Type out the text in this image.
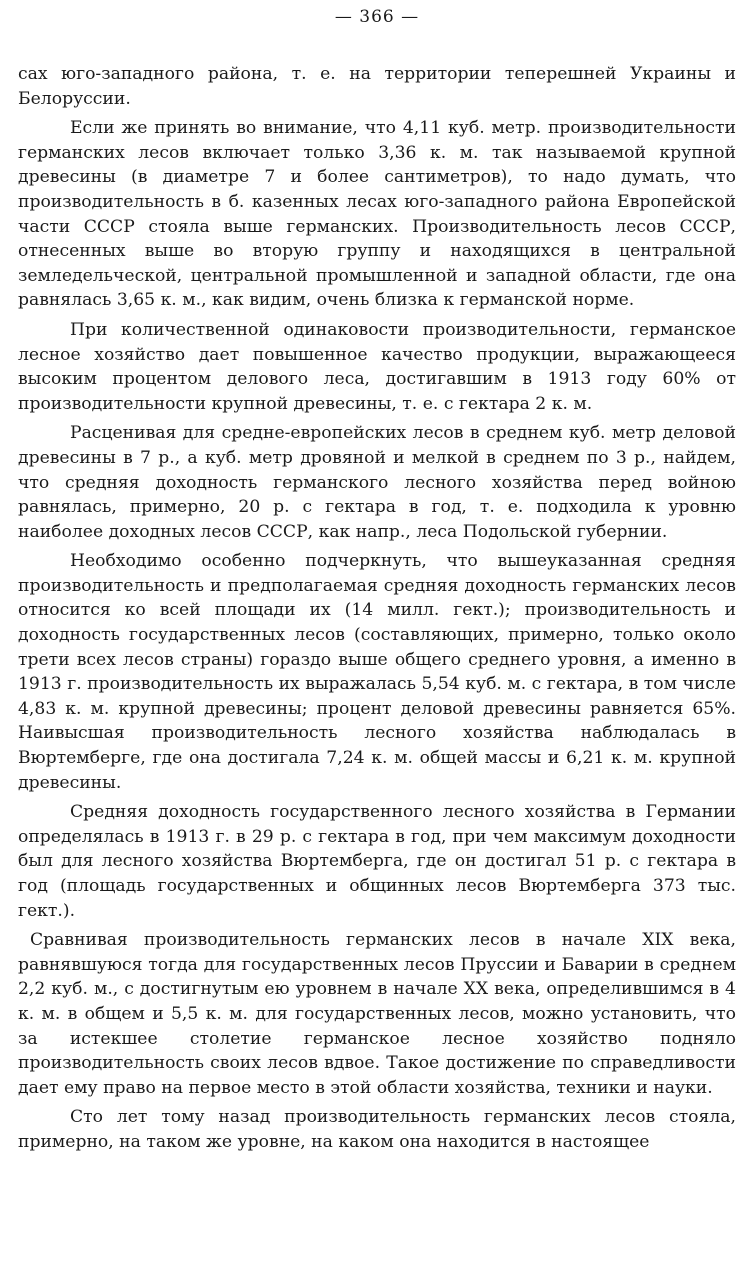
— 366 —

сах юго-западного района, т. е. на территории теперешней Украины и Белоруссии.

Если же принять во внимание, что 4,11 куб. метр. производительности германских лесов включает только 3,36 к. м. так называемой крупной древесины (в диаметре 7 и более сантиметров), то надо думать, что производительность в б. казенных лесах юго-западного района Европейской части СССР стояла выше германских. Производительность лесов СССР, отнесенных выше во вторую группу и находящихся в центральной земледельческой, центральной промышленной и западной области, где она равнялась 3,65 к. м., как видим, очень близка к германской норме.

При количественной одинаковости производительности, германское лесное хозяйство дает повышенное качество продукции, выражающееся высоким процентом делового леса, достигавшим в 1913 году 60% от производительности крупной древесины, т. е. с гектара 2 к. м.

Расценивая для средне-европейских лесов в среднем куб. метр деловой древесины в 7 р., а куб. метр дровяной и мелкой в среднем по 3 р., найдем, что средняя доходность германского лесного хозяйства перед войною равнялась, примерно, 20 р. с гектара в год, т. е. подходила к уровню наиболее доходных лесов СССР, как напр., леса Подольской губернии.

Необходимо особенно подчеркнуть, что вышеуказанная средняя производительность и предполагаемая средняя доходность германских лесов относится ко всей площади их (14 милл. гект.); производительность и доходность государственных лесов (составляющих, примерно, только около трети всех лесов страны) гораздо выше общего среднего уровня, а именно в 1913 г. производительность их выражалась 5,54 куб. м. с гектара, в том числе 4,83 к. м. крупной древесины; процент деловой древесины равняется 65%. Наивысшая производительность лесного хозяйства наблюдалась в Вюртемберге, где она достигала 7,24 к. м. общей массы и 6,21 к. м. крупной древесины.

Средняя доходность государственного лесного хозяйства в Германии определялась в 1913 г. в 29 р. с гектара в год, при чем максимум доходности был для лесного хозяйства Вюртемберга, где он достигал 51 р. с гектара в год (площадь государственных и общинных лесов Вюртемберга 373 тыс. гект.).

Сравнивая производительность германских лесов в начале XIX века, равнявшуюся тогда для государственных лесов Пруссии и Баварии в среднем 2,2 куб. м., с достигнутым ею уровнем в начале XX века, определившимся в 4 к. м. в общем и 5,5 к. м. для государственных лесов, можно установить, что за истекшее столетие германское лесное хозяйство подняло производительность своих лесов вдвое. Такое достижение по справедливости дает ему право на первое место в этой области хозяйства, техники и науки.

Сто лет тому назад производительность германских лесов стояла, примерно, на таком же уровне, на каком она находится в настоящее
